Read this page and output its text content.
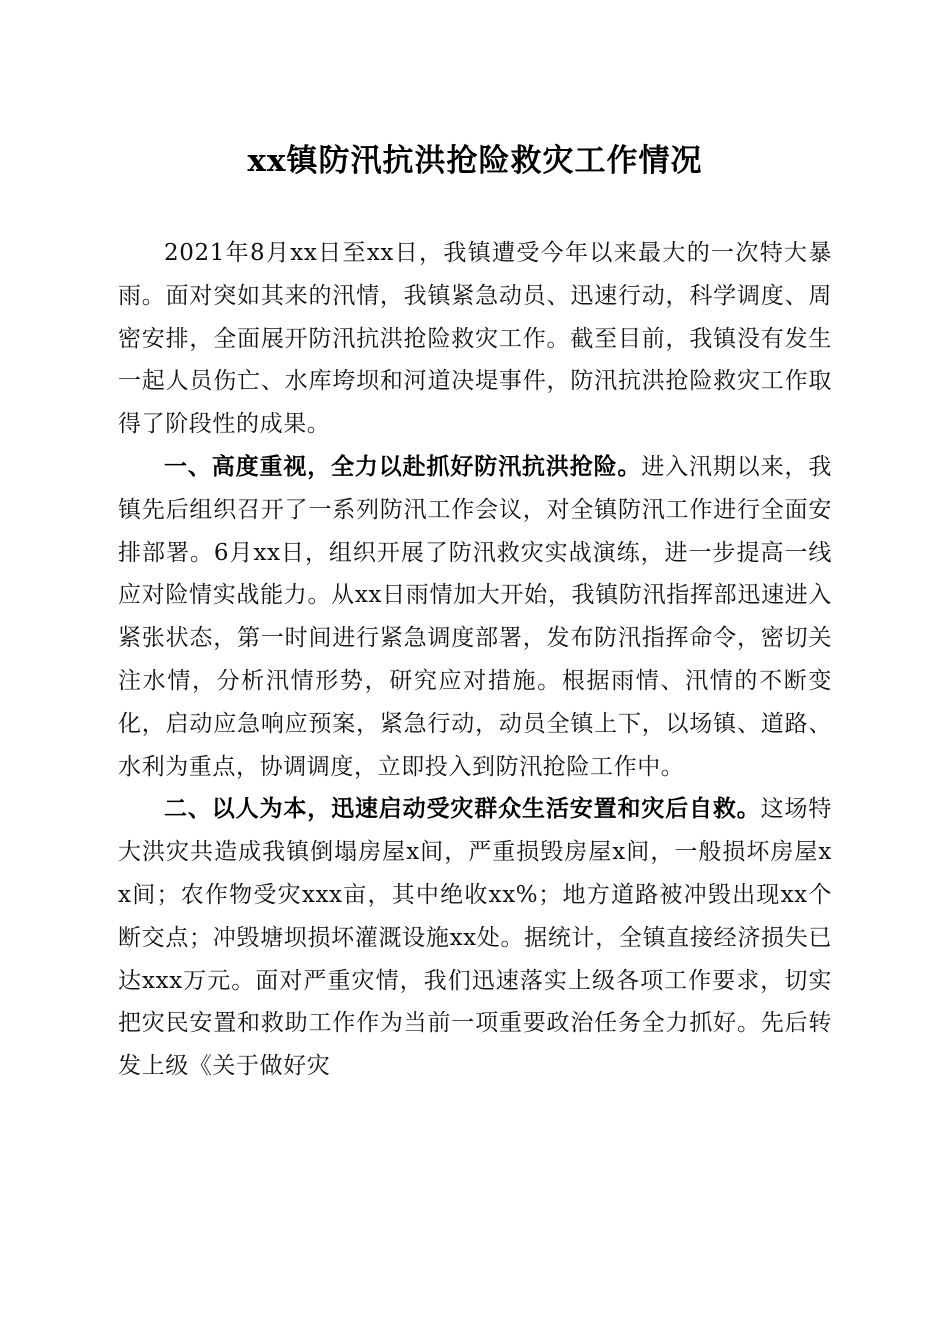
xx镇防汛抗洪抢险救灾工作情况

2021年8月xx日至xx日，我镇遭受今年以来最大的一次特大暴雨。面对突如其来的汛情，我镇紧急动员、迅速行动，科学调度、周密安排，全面展开防汛抗洪抢险救灾工作。截至目前，我镇没有发生一起人员伤亡、水库垮坝和河道决堤事件，防汛抗洪抢险救灾工作取得了阶段性的成果。

一、高度重视，全力以赴抓好防汛抗洪抢险。进入汛期以来，我镇先后组织召开了一系列防汛工作会议，对全镇防汛工作进行全面安排部署。6月xx日，组织开展了防汛救灾实战演练，进一步提高一线应对险情实战能力。从xx日雨情加大开始，我镇防汛指挥部迅速进入紧张状态，第一时间进行紧急调度部署，发布防汛指挥命令，密切关注水情，分析汛情形势，研究应对措施。根据雨情、汛情的不断变化，启动应急响应预案，紧急行动，动员全镇上下，以场镇、道路、水利为重点，协调调度，立即投入到防汛抢险工作中。

二、以人为本，迅速启动受灾群众生活安置和灾后自救。这场特大洪灾共造成我镇倒塌房屋x间，严重损毁房屋x间，一般损坏房屋xx间；农作物受灾xxx亩，其中绝收xx%；地方道路被冲毁出现xx个断交点；冲毁塘坝损坏灌溉设施xx处。据统计，全镇直接经济损失已达xxx万元。面对严重灾情，我们迅速落实上级各项工作要求，切实把灾民安置和救助工作作为当前一项重要政治任务全力抓好。先后转发上级《关于做好灾
